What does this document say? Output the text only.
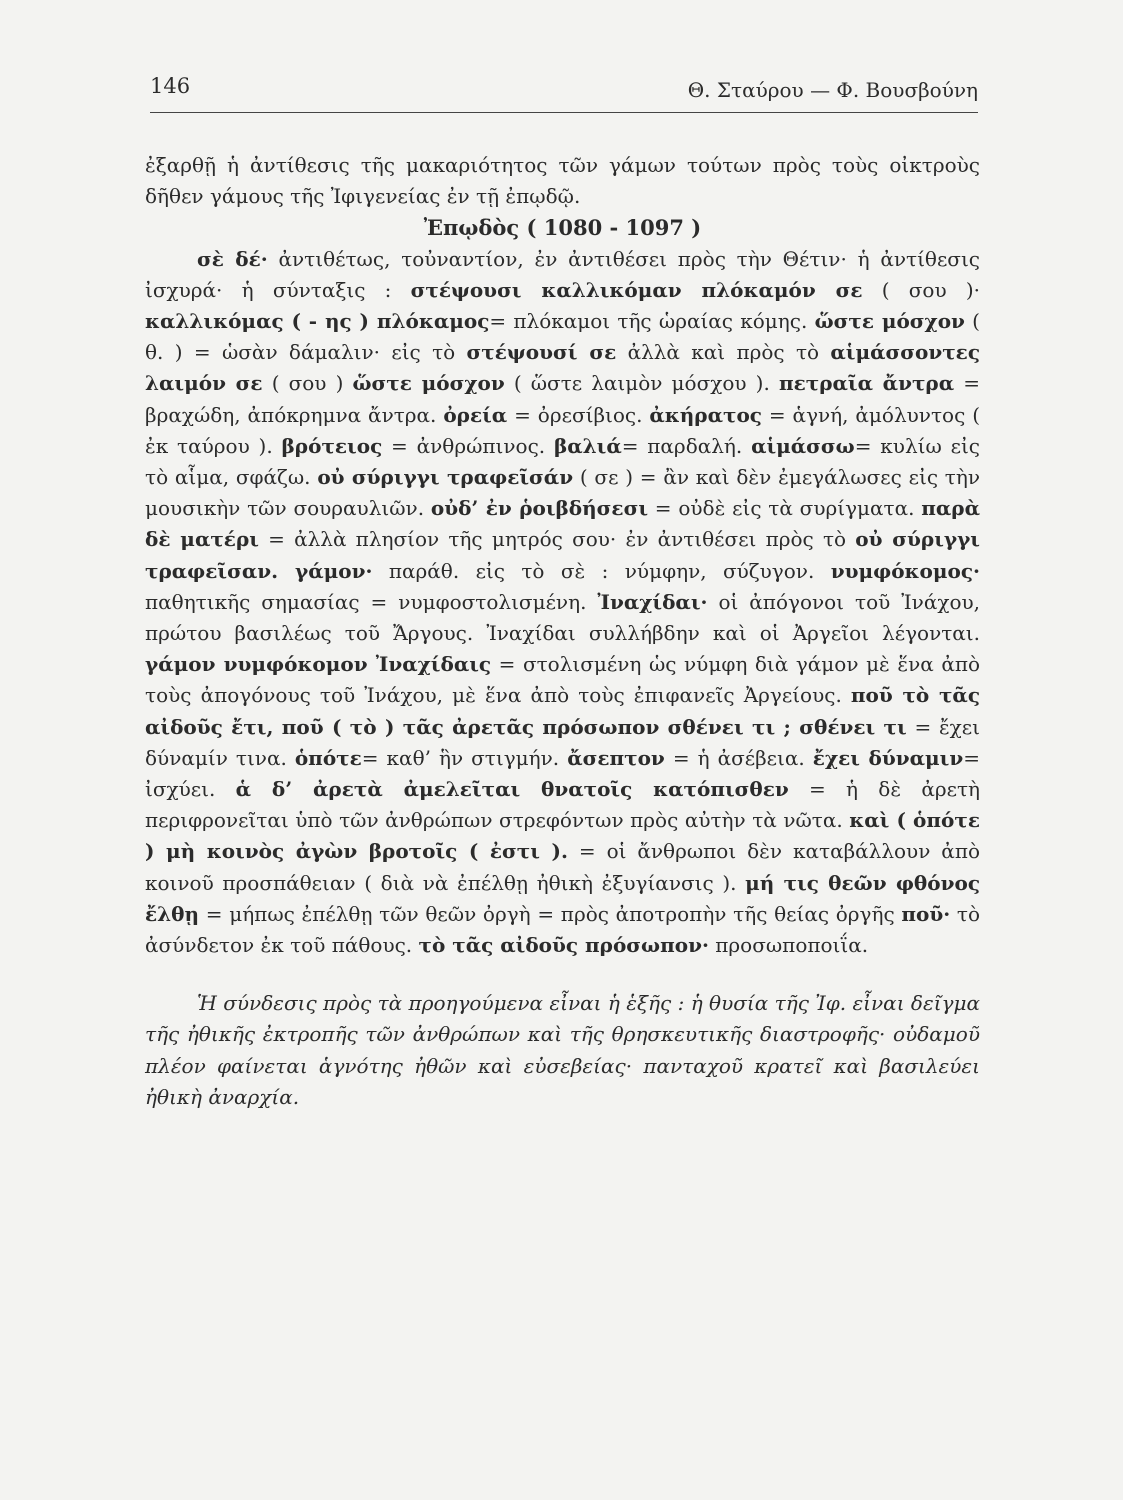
146	Θ. Σταύρου — Φ. Βουσβούνη

ἐξαρθῇ ἡ ἀντίθεσις τῆς μακαριότητος τῶν γάμων τούτων πρὸς τοὺς οἰκτροὺς δῆθεν γάμους τῆς Ἰφιγενείας ἐν τῇ ἐπῳδῷ.

Ἐπῳδὸς ( 1080 - 1097 )

σὲ δέ· ἀντιθέτως, τοὐναντίον, ἐν ἀντιθέσει πρὸς τὴν Θέτιν· ἡ ἀντίθεσις ἰσχυρά· ἡ σύνταξις : στέψουσι καλλικόμαν πλόκαμόν σε ( σου )· καλλικόμας ( - ης ) πλόκαμος= πλόκαμοι τῆς ὡραίας κόμης. ὥστε μόσχον ( θ. ) = ὡσὰν δάμαλιν· εἰς τὸ στέψουσί σε ἀλλὰ καὶ πρὸς τὸ αἱμάσσοντες λαιμόν σε ( σου ) ὥστε μόσχον ( ὥστε λαιμὸν μόσχου ). πετραῖα ἄντρα = βραχώδη, ἀπόκρημνα ἄντρα. ὀρεία = ὀρεσίβιος. ἀκήρατος = ἁγνή, ἀμόλυντος ( ἐκ ταύρου ). βρότειος = ἀνθρώπινος. βαλιά= παρδαλή. αἱμάσσω= κυλίω εἰς τὸ αἷμα, σφάζω. οὐ σύριγγι τραφεῖσάν ( σε ) = ἂν καὶ δὲν ἐμεγάλωσες εἰς τὴν μουσικὴν τῶν σουραυλιῶν. οὐδ’ ἐν ῥοιβδήσεσι = οὐδὲ εἰς τὰ συρίγματα. παρὰ δὲ ματέρι = ἀλλὰ πλησίον τῆς μητρός σου· ἐν ἀντιθέσει πρὸς τὸ οὐ σύριγγι τραφεῖσαν. γάμον· παράθ. εἰς τὸ σὲ : νύμφην, σύζυγον. νυμφόκομος· παθητικῆς σημασίας = νυμφοστολισμένη. Ἰναχίδαι· οἱ ἀπόγονοι τοῦ Ἰνάχου, πρώτου βασιλέως τοῦ Ἄργους. Ἰναχίδαι συλλήβδην καὶ οἱ Ἀργεῖοι λέγονται. γάμον νυμφόκομον Ἰναχίδαις = στολισμένη ὡς νύμφη διὰ γάμον μὲ ἕνα ἀπὸ τοὺς ἀπογόνους τοῦ Ἰνάχου, μὲ ἕνα ἀπὸ τοὺς ἐπιφανεῖς Ἀργείους. ποῦ τὸ τᾶς αἰδοῦς ἔτι, ποῦ ( τὸ ) τᾶς ἀρετᾶς πρόσωπον σθένει τι ; σθένει τι = ἔχει δύναμίν τινα. ὁπότε= καθ’ ἣν στιγμήν. ἄσεπτον = ἡ ἀσέβεια. ἔχει δύναμιν= ἰσχύει. ἁ δ’ ἀρετὰ ἀμελεῖται θνατοῖς κατόπισθεν = ἡ δὲ ἀρετὴ περιφρονεῖται ὑπὸ τῶν ἀνθρώπων στρεφόντων πρὸς αὐτὴν τὰ νῶτα. καὶ ( ὁπότε ) μὴ κοινὸς ἀγὼν βροτοῖς ( ἐστι ). = οἱ ἄνθρωποι δὲν καταβάλλουν ἀπὸ κοινοῦ προσπάθειαν ( διὰ νὰ ἐπέλθῃ ἠθικὴ ἐξυγίανσις ). μή τις θεῶν φθόνος ἔλθῃ = μήπως ἐπέλθῃ τῶν θεῶν ὀργὴ = πρὸς ἀποτροπὴν τῆς θείας ὀργῆς ποῦ· τὸ ἀσύνδετον ἐκ τοῦ πάθους. τὸ τᾶς αἰδοῦς πρόσωπον· προσωποποιΐα.

Ἡ σύνδεσις πρὸς τὰ προηγούμενα εἶναι ἡ ἑξῆς : ἡ θυσία τῆς Ἰφ. εἶναι δεῖγμα τῆς ἠθικῆς ἐκτροπῆς τῶν ἀνθρώπων καὶ τῆς θρησκευτικῆς διαστροφῆς· οὐδαμοῦ πλέον φαίνεται ἁγνότης ἠθῶν καὶ εὐσεβείας· πανταχοῦ κρατεῖ καὶ βασιλεύει ἠθικὴ ἀναρχία.
